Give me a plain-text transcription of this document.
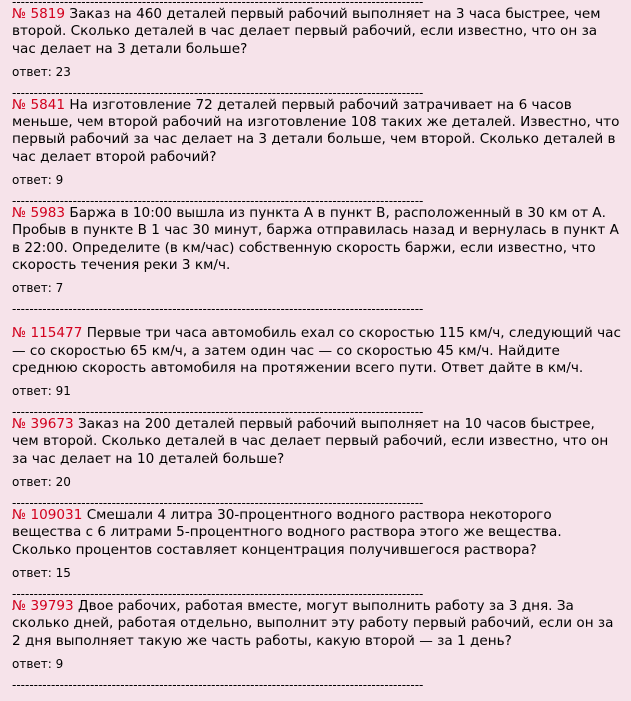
-----------------------------------------------------------------------------------------------

№ 5819 Заказ на 460 деталей первый рабочий выполняет на 3 часа быстрее, чем второй. Сколько деталей в час делает первый рабочий, если известно, что он за час делает на 3 детали больше?

ответ: 23
-----------------------------------------------------------------------------------------------

№ 5841 На изготовление 72 деталей первый рабочий затрачивает на 6 часов меньше, чем второй рабочий на изготовление 108 таких же деталей. Известно, что первый рабочий за час делает на 3 детали больше, чем второй. Сколько деталей в час делает второй рабочий?

ответ: 9
-----------------------------------------------------------------------------------------------

№ 5983 Баржа в 10:00 вышла из пункта А в пункт В, расположенный в 30 км от А. Пробыв в пункте В 1 час 30 минут, баржа отправилась назад и вернулась в пункт А в 22:00. Определите (в км/час) собственную скорость баржи, если известно, что скорость течения реки 3 км/ч.

ответ: 7
-----------------------------------------------------------------------------------------------

№ 115477 Первые три часа автомобиль ехал со скоростью 115 км/ч, следующий час — со скоростью 65 км/ч, а затем один час — со скоростью 45 км/ч. Найдите среднюю скорость автомобиля на протяжении всего пути. Ответ дайте в км/ч.

ответ: 91
-----------------------------------------------------------------------------------------------

№ 39673 Заказ на 200 деталей первый рабочий выполняет на 10 часов быстрее, чем второй. Сколько деталей в час делает первый рабочий, если известно, что он за час делает на 10 деталей больше?

ответ: 20
-----------------------------------------------------------------------------------------------

№ 109031 Смешали 4 литра 30-процентного водного раствора некоторого вещества с 6 литрами 5-процентного водного раствора этого же вещества. Сколько процентов составляет концентрация получившегося раствора?

ответ: 15
-----------------------------------------------------------------------------------------------

№ 39793 Двое рабочих, работая вместе, могут выполнить работу за 3 дня. За сколько дней, работая отдельно, выполнит эту работу первый рабочий, если он за 2 дня выполняет такую же часть работы, какую второй — за 1 день?

ответ: 9
-----------------------------------------------------------------------------------------------
